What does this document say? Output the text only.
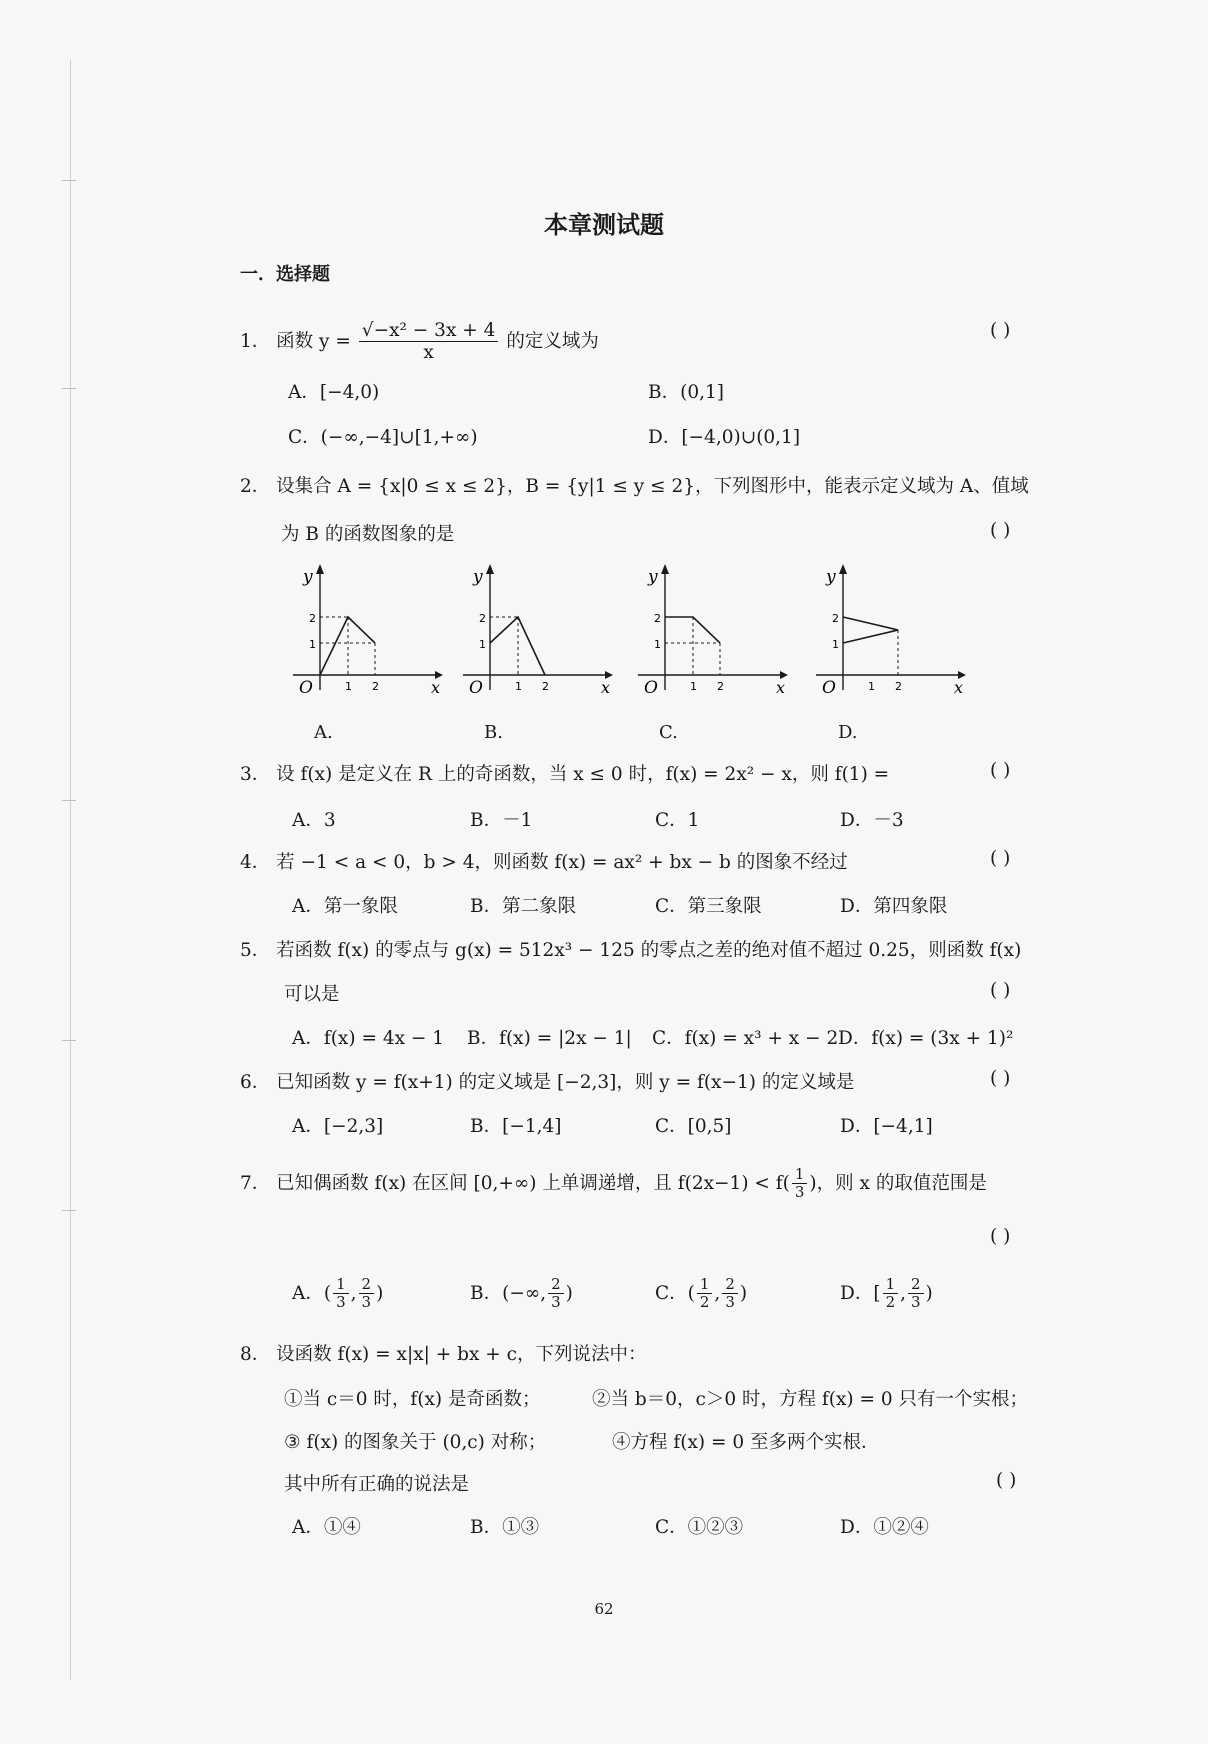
本章测试题
一．选择题
1． 函数 $y = \frac{\text{√−x² − 3x + 4}}{x}$ 的定义域为
( )
A．[−4,0)	B．(0,1]
C．(−∞,−4]∪[1,+∞)	D．[−4,0)∪(0,1]
2． 设集合 A = {x|0 ≤ x ≤ 2}，B = {y|1 ≤ y ≤ 2}，下列图形中，能表示定义域为 A、值域
为 B 的函数图象的是	( )
y
x
O
2
1
1 2
A.
y
x
O
2
1
1 2
B.
y
x
O
2
1
1 2
C.
y
x
O
2
1
1 2
D.
3． 设 f(x) 是定义在 R 上的奇函数，当 x ≤ 0 时，f(x) = 2x² − x，则 f(1) =	( )
A．3	B．－1	C．1	D．－3
4． 若 −1 < a < 0，b > 4，则函数 f(x) = ax² + bx − b 的图象不经过	( )
A．第一象限	B．第二象限	C．第三象限	D．第四象限
5． 若函数 f(x) 的零点与 g(x) = 512x³ − 125 的零点之差的绝对值不超过 0.25，则函数 f(x)
可以是	( )
A．f(x) = 4x − 1 B．f(x) = |2x − 1| C．f(x) = x³ + x − 2 D．f(x) = (3x + 1)²
6． 已知函数 y = f(x+1) 的定义域是 [−2,3]，则 y = f(x−1) 的定义域是	( )
A．[−2,3]	B．[−1,4]	C．[0,5]	D．[−4,1]
7． 已知偶函数 f(x) 在区间 [0,+∞) 上单调递增，且 $f(2x-1) < f( \frac{1}{3}$ )，则 x 的取值范围是
( )
A．( $\frac{1}{3}$ , $\frac{2}{3}$ )	B．(−∞, $\frac{2}{3}$ )	C．( $\frac{1}{2}$ , $\frac{2}{3}$ )	D．[ $\frac{1}{2}$ , $\frac{2}{3}$ )
8． 设函数 f(x) = x|x| + bx + c，下列说法中：
①当 c＝0 时，f(x) 是奇函数；	②当 b＝0，c＞0 时，方程 f(x) = 0 只有一个实根；
③ f(x) 的图象关于 (0,c) 对称；	④方程 f(x) = 0 至多两个实根．
其中所有正确的说法是	( )
A．①④	B．①③	C．①②③	D．①②④
62
